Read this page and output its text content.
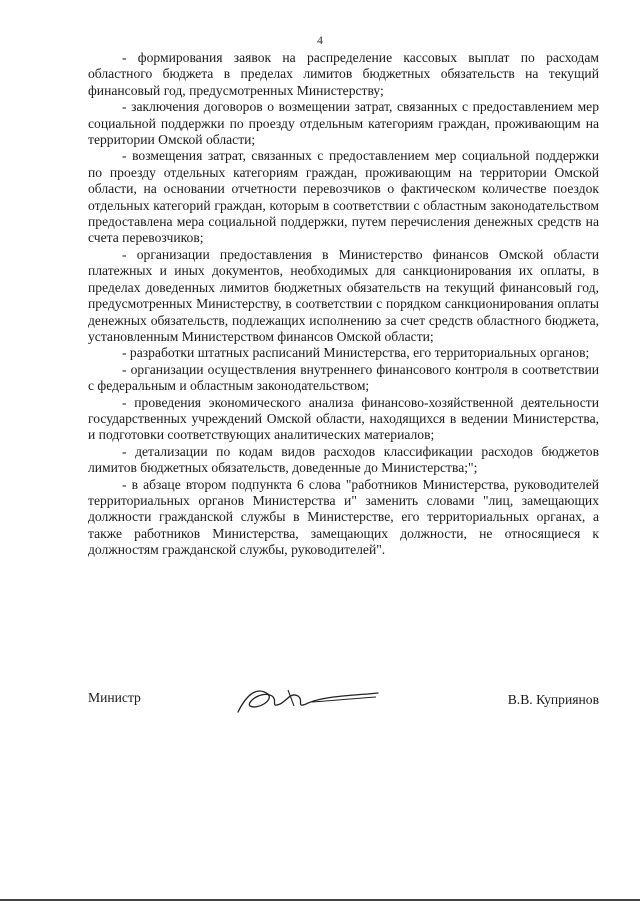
4

- формирования заявок на распределение кассовых выплат по расходам областного бюджета в пределах лимитов бюджетных обязательств на текущий финансовый год, предусмотренных Министерству;

- заключения договоров о возмещении затрат, связанных с предоставлением мер социальной поддержки по проезду отдельным категориям граждан, проживающим на территории Омской области;

- возмещения затрат, связанных с предоставлением мер социальной поддержки по проезду отдельных категориям граждан, проживающим на территории Омской области, на основании отчетности перевозчиков о фактическом количестве поездок отдельных категорий граждан, которым в соответствии с областным законодательством предоставлена мера социальной поддержки, путем перечисления денежных средств на счета перевозчиков;

- организации предоставления в Министерство финансов Омской области платежных и иных документов, необходимых для санкционирования их оплаты, в пределах доведенных лимитов бюджетных обязательств на текущий финансовый год, предусмотренных Министерству, в соответствии с порядком санкционирования оплаты денежных обязательств, подлежащих исполнению за счет средств областного бюджета, установленным Министерством финансов Омской области;

- разработки штатных расписаний Министерства, его территориальных органов;

- организации осуществления внутреннего финансового контроля в соответствии с федеральным и областным законодательством;

- проведения экономического анализа финансово-хозяйственной деятельности государственных учреждений Омской области, находящихся в ведении Министерства, и подготовки соответствующих аналитических материалов;

- детализации по кодам видов расходов классификации расходов бюджетов лимитов бюджетных обязательств, доведенные до Министерства;";

- в абзаце втором подпункта 6 слова "работников Министерства, руководителей территориальных органов Министерства и" заменить словами "лиц, замещающих должности гражданской службы в Министерстве, его территориальных органах, а также работников Министерства, замещающих должности, не относящиеся к должностям гражданской службы, руководителей".

Министр	В.В. Куприянов
